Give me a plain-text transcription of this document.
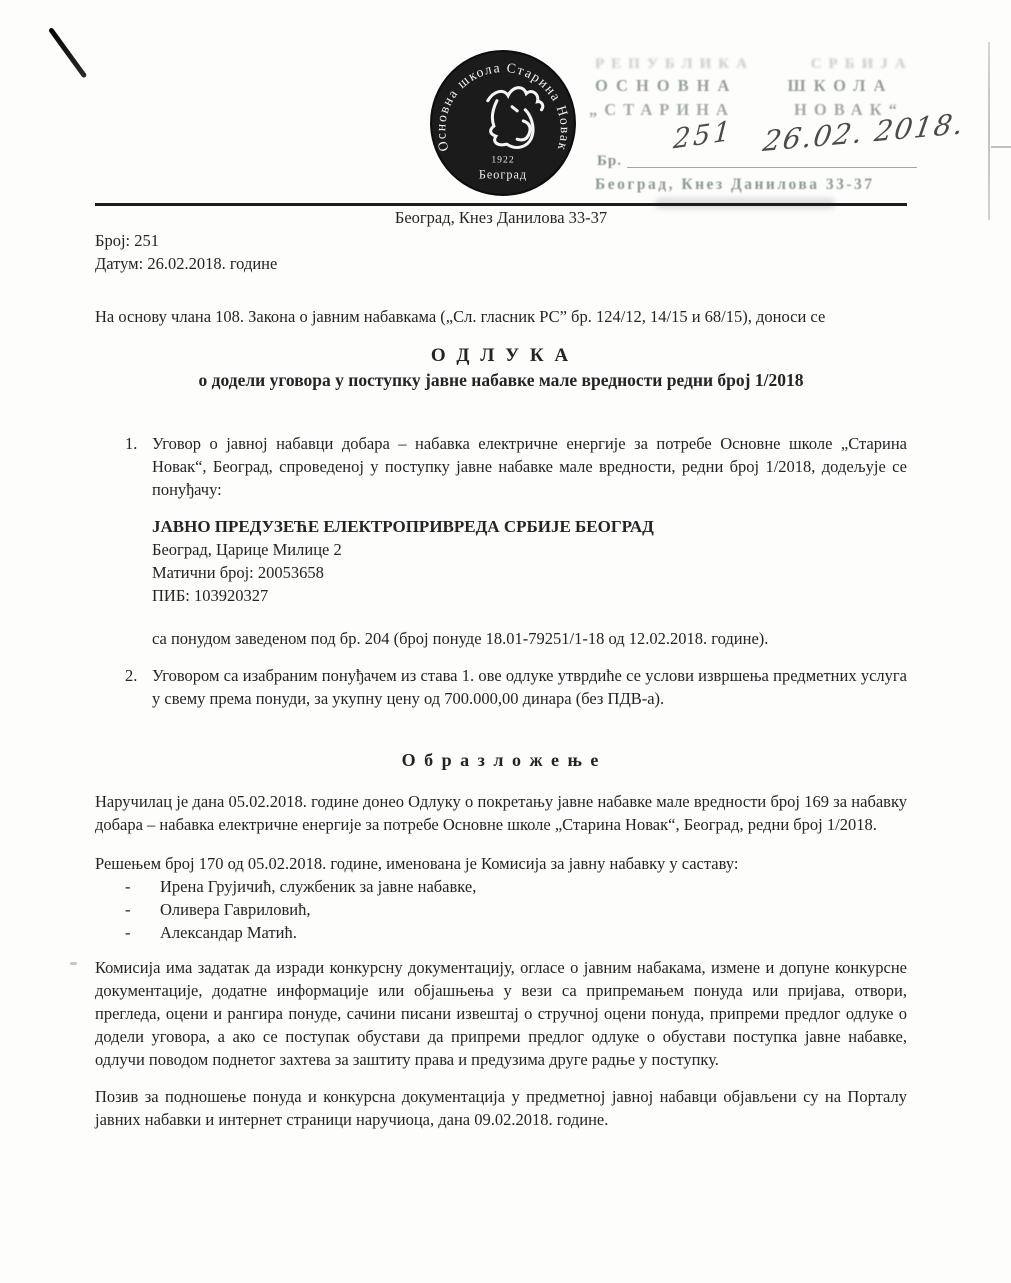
Основна школа Старина Новак
1922
Београд
РЕПУБЛИКА СРБИЈА
ОСНОВНА ШКОЛА
„СТАРИНА НОВАК“
Бр.
251 26.02. 2018.
Београд, Кнез Данилова 33-37
Београд, Кнез Данилова 33-37
Број: 251
Датум: 26.02.2018. године

На основу члана 108. Закона о јавним набавкама („Сл. гласник РС” бр. 124/12, 14/15 и 68/15), доноси се

О Д Л У К А
о додели уговора у поступку јавне набавке мале вредности редни број 1/2018
1. Уговор о јавној набавци добара – набавка електричне енергије за потребе Основне школе „Старина Новак“, Београд, спроведеној у поступку јавне набавке мале вредности, редни број 1/2018, додељује се понуђачу:

ЈАВНО ПРЕДУЗЕЋЕ ЕЛЕКТРОПРИВРЕДА СРБИЈЕ БЕОГРАД

Београд, Царице Милице 2

Матични број: 20053658

ПИБ: 103920327

са понудом заведеном под бр. 204 (број понуде 18.01-79251/1-18 од 12.02.2018. године).

2. Уговором са изабраним понуђачем из става 1. ове одлуке утврдиће се услови извршења предметних услуга у свему према понуди, за укупну цену од 700.000,00 динара (без ПДВ-а).

О б р а з л о ж е њ е

Наручилац је дана 05.02.2018. године донео Одлуку о покретању јавне набавке мале вредности број 169 за набавку добара – набавка електричне енергије за потребе Основне школе „Старина Новак“, Београд, редни број 1/2018.

Решењем број 170 од 05.02.2018. године, именована је Комисија за јавну набавку у саставу:

-	Ирена Грујичић, службеник за јавне набавке,
-	Оливера Гавриловић,
-	Александар Матић.

Комисија има задатак да изради конкурсну документацију, огласе о јавним набакама, измене и допуне конкурсне документације, додатне информације или објашњења у вези са припремањем понуда или пријава, отвори, прегледа, оцени и рангира понуде, сачини писани извештај о стручној оцени понуда, припреми предлог одлуке о додели уговора, а ако се поступак обустави да припреми предлог одлуке о обустави поступка јавне набавке, одлучи поводом поднетог захтева за заштиту права и предузима друге радње у поступку.

Позив за подношење понуда и конкурсна документација у предметној јавној набавци објављени су на Порталу јавних набавки и интернет страници наручиоца, дана 09.02.2018. године.
